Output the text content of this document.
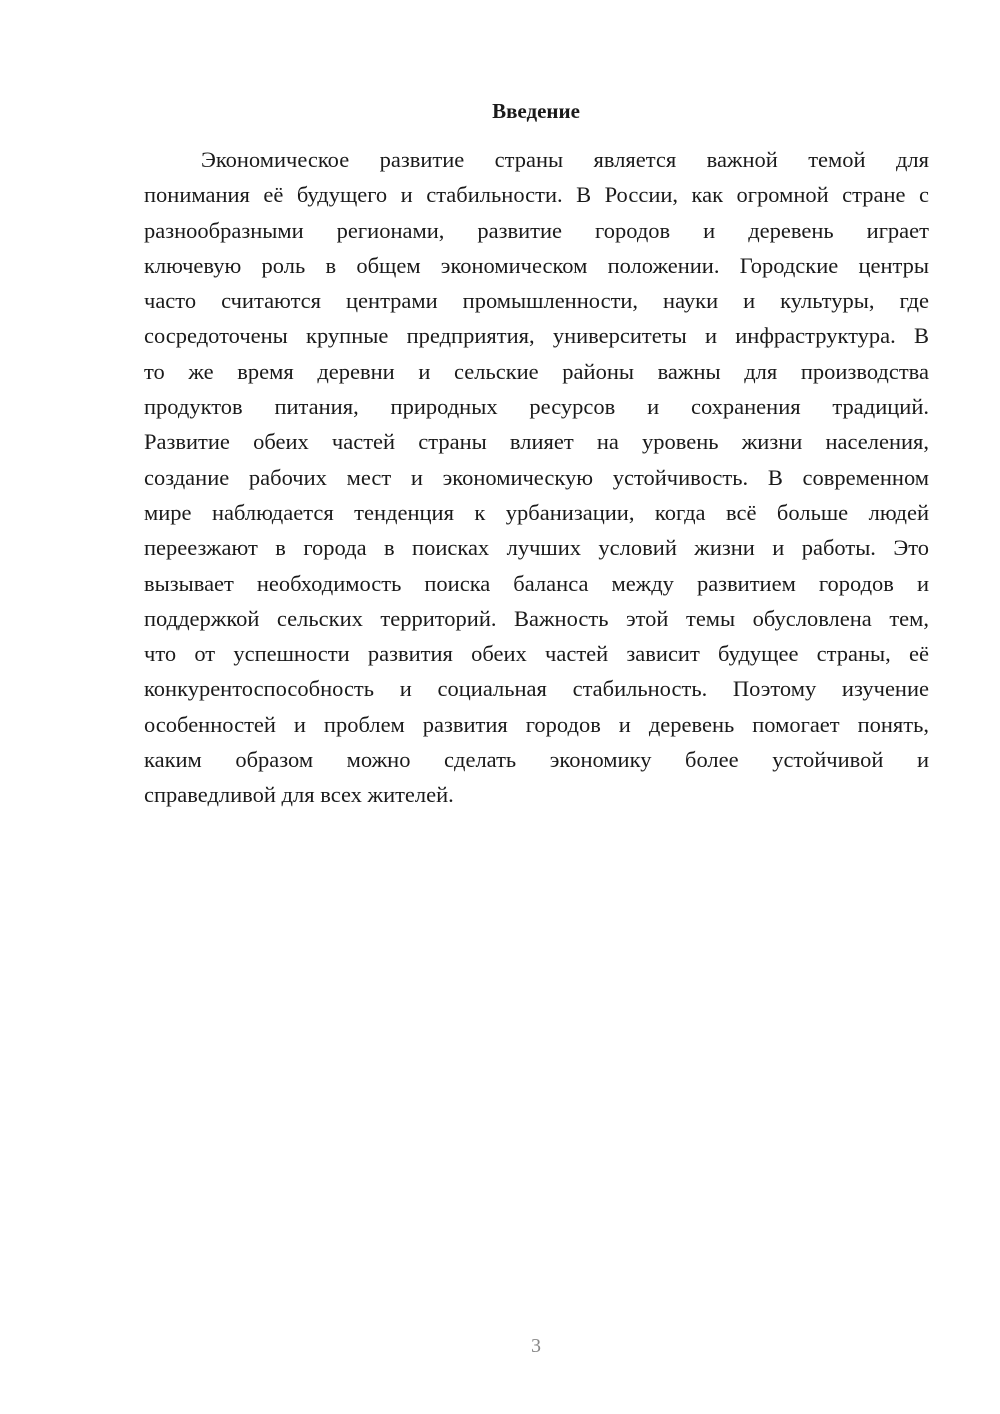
Введение
Экономическое развитие страны является важной темой для
понимания её будущего и стабильности. В России, как огромной стране с
разнообразными регионами, развитие городов и деревень играет
ключевую роль в общем экономическом положении. Городские центры
часто считаются центрами промышленности, науки и культуры, где
сосредоточены крупные предприятия, университеты и инфраструктура. В
то же время деревни и сельские районы важны для производства
продуктов питания, природных ресурсов и сохранения традиций.
Развитие обеих частей страны влияет на уровень жизни населения,
создание рабочих мест и экономическую устойчивость. В современном
мире наблюдается тенденция к урбанизации, когда всё больше людей
переезжают в города в поисках лучших условий жизни и работы. Это
вызывает необходимость поиска баланса между развитием городов и
поддержкой сельских территорий. Важность этой темы обусловлена тем,
что от успешности развития обеих частей зависит будущее страны, её
конкурентоспособность и социальная стабильность. Поэтому изучение
особенностей и проблем развития городов и деревень помогает понять,
каким образом можно сделать экономику более устойчивой и
справедливой для всех жителей.
3
